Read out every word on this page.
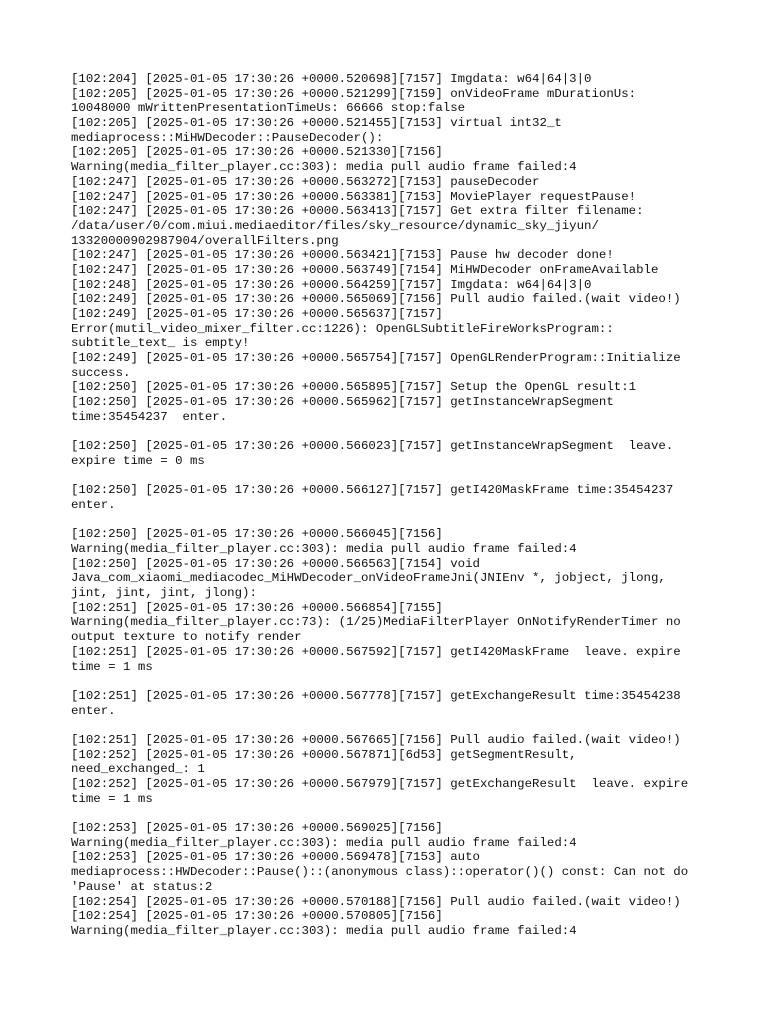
[102:204] [2025-01-05 17:30:26 +0000.520698][7157] Imgdata: w64|64|3|0
[102:205] [2025-01-05 17:30:26 +0000.521299][7159] onVideoFrame mDurationUs:
10048000 mWrittenPresentationTimeUs: 66666 stop:false
[102:205] [2025-01-05 17:30:26 +0000.521455][7153] virtual int32_t
mediaprocess::MiHWDecoder::PauseDecoder():
[102:205] [2025-01-05 17:30:26 +0000.521330][7156]
Warning(media_filter_player.cc:303): media pull audio frame failed:4
[102:247] [2025-01-05 17:30:26 +0000.563272][7153] pauseDecoder
[102:247] [2025-01-05 17:30:26 +0000.563381][7153] MoviePlayer requestPause!
[102:247] [2025-01-05 17:30:26 +0000.563413][7157] Get extra filter filename:
/data/user/0/com.miui.mediaeditor/files/sky_resource/dynamic_sky_jiyun/
13320000902987904/overallFilters.png
[102:247] [2025-01-05 17:30:26 +0000.563421][7153] Pause hw decoder done!
[102:247] [2025-01-05 17:30:26 +0000.563749][7154] MiHWDecoder onFrameAvailable
[102:248] [2025-01-05 17:30:26 +0000.564259][7157] Imgdata: w64|64|3|0
[102:249] [2025-01-05 17:30:26 +0000.565069][7156] Pull audio failed.(wait video!)
[102:249] [2025-01-05 17:30:26 +0000.565637][7157]
Error(mutil_video_mixer_filter.cc:1226): OpenGLSubtitleFireWorksProgram::
subtitle_text_ is empty!
[102:249] [2025-01-05 17:30:26 +0000.565754][7157] OpenGLRenderProgram::Initialize
success.
[102:250] [2025-01-05 17:30:26 +0000.565895][7157] Setup the OpenGL result:1
[102:250] [2025-01-05 17:30:26 +0000.565962][7157] getInstanceWrapSegment
time:35454237  enter.
[102:250] [2025-01-05 17:30:26 +0000.566023][7157] getInstanceWrapSegment  leave.
expire time = 0 ms
[102:250] [2025-01-05 17:30:26 +0000.566127][7157] getI420MaskFrame time:35454237
enter.
[102:250] [2025-01-05 17:30:26 +0000.566045][7156]
Warning(media_filter_player.cc:303): media pull audio frame failed:4
[102:250] [2025-01-05 17:30:26 +0000.566563][7154] void
Java_com_xiaomi_mediacodec_MiHWDecoder_onVideoFrameJni(JNIEnv *, jobject, jlong,
jint, jint, jint, jlong):
[102:251] [2025-01-05 17:30:26 +0000.566854][7155]
Warning(media_filter_player.cc:73): (1/25)MediaFilterPlayer OnNotifyRenderTimer no
output texture to notify render
[102:251] [2025-01-05 17:30:26 +0000.567592][7157] getI420MaskFrame  leave. expire
time = 1 ms
[102:251] [2025-01-05 17:30:26 +0000.567778][7157] getExchangeResult time:35454238
enter.
[102:251] [2025-01-05 17:30:26 +0000.567665][7156] Pull audio failed.(wait video!)
[102:252] [2025-01-05 17:30:26 +0000.567871][6d53] getSegmentResult,
need_exchanged_: 1
[102:252] [2025-01-05 17:30:26 +0000.567979][7157] getExchangeResult  leave. expire
time = 1 ms
[102:253] [2025-01-05 17:30:26 +0000.569025][7156]
Warning(media_filter_player.cc:303): media pull audio frame failed:4
[102:253] [2025-01-05 17:30:26 +0000.569478][7153] auto
mediaprocess::HWDecoder::Pause()::(anonymous class)::operator()() const: Can not do
'Pause' at status:2
[102:254] [2025-01-05 17:30:26 +0000.570188][7156] Pull audio failed.(wait video!)
[102:254] [2025-01-05 17:30:26 +0000.570805][7156]
Warning(media_filter_player.cc:303): media pull audio frame failed:4
